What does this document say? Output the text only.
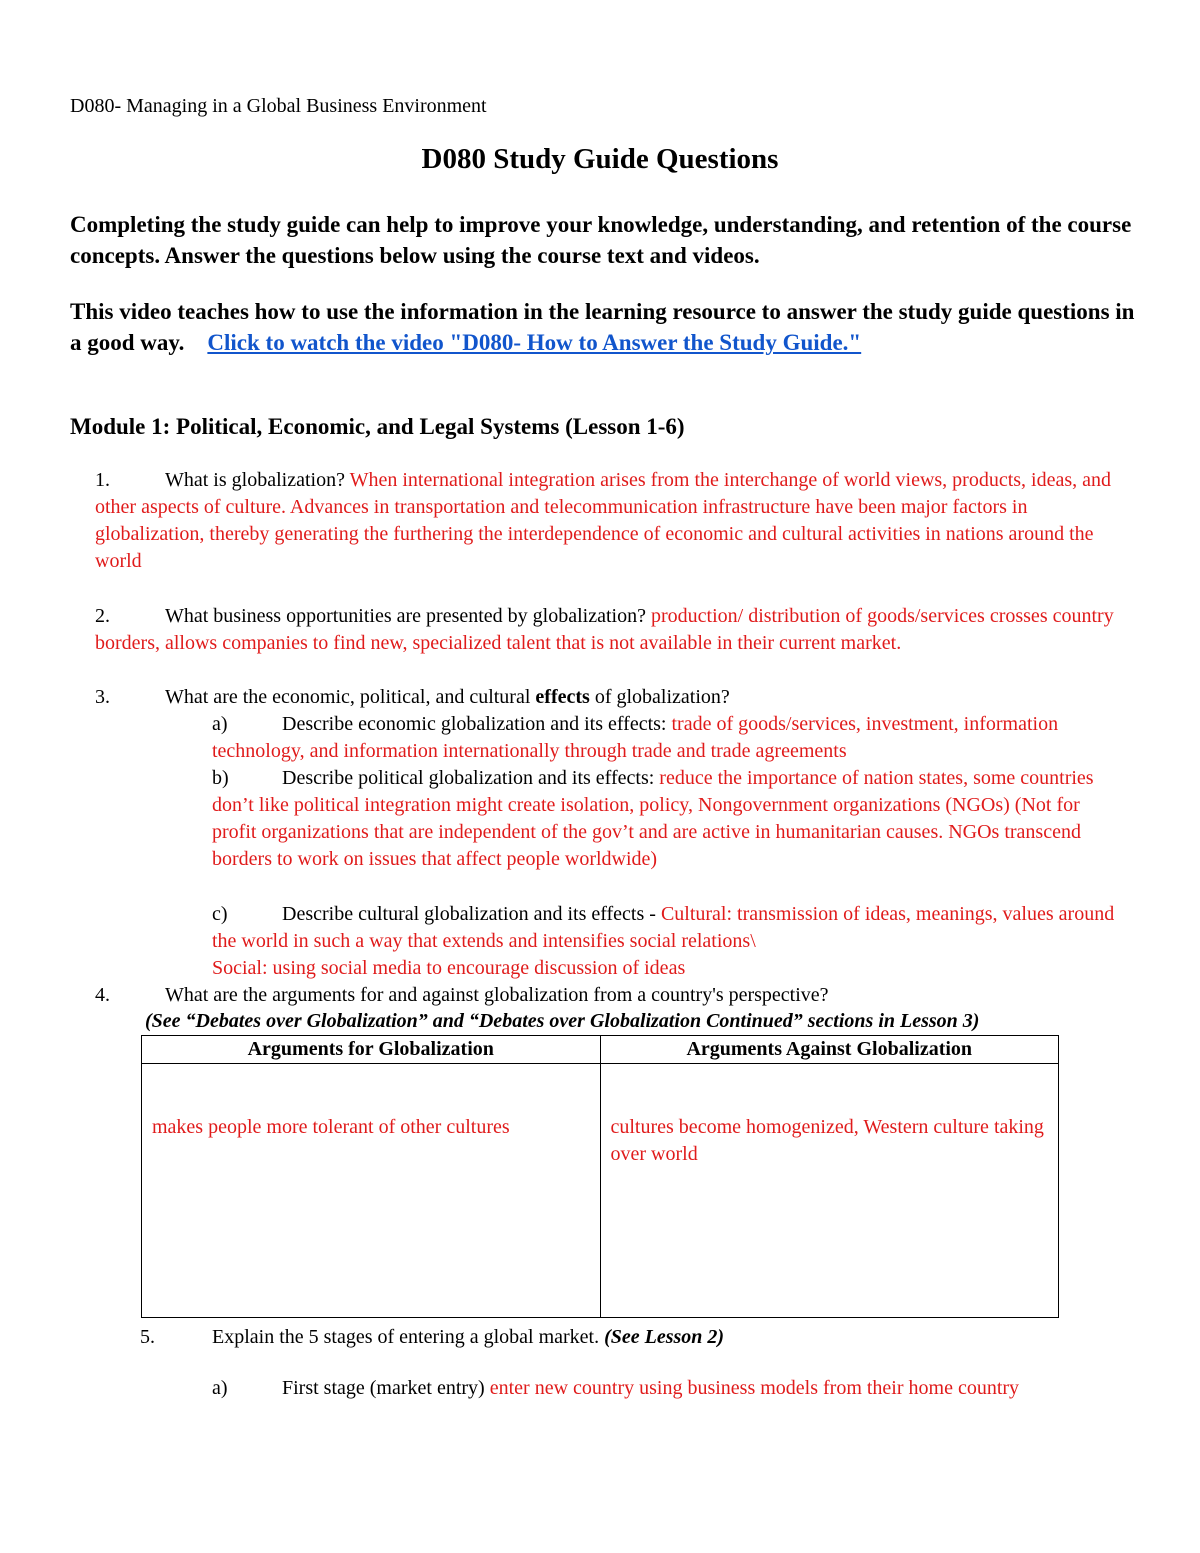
D080- Managing in a Global Business Environment
D080 Study Guide Questions

Completing the study guide can help to improve your knowledge, understanding, and retention of the course concepts. Answer the questions below using the course text and videos.

This video teaches how to use the information in the learning resource to answer the study guide questions in a good way. Click to watch the video "D080- How to Answer the Study Guide."

Module 1: Political, Economic, and Legal Systems (Lesson 1-6)
1.	What is globalization? When international integration arises from the interchange of world views, products, ideas, and other aspects of culture. Advances in transportation and telecommunication infrastructure have been major factors in globalization, thereby generating the furthering the interdependence of economic and cultural activities in nations around the world
2.	What business opportunities are presented by globalization? production/ distribution of goods/services crosses country borders, allows companies to find new, specialized talent that is not available in their current market.
3.	What are the economic, political, and cultural effects of globalization?
a)	Describe economic globalization and its effects: trade of goods/services, investment, information technology, and information internationally through trade and trade agreements
b)	Describe political globalization and its effects: reduce the importance of nation states, some countries don’t like political integration might create isolation, policy, Nongovernment organizations (NGOs) (Not for profit organizations that are independent of the gov’t and are active in humanitarian causes. NGOs transcend borders to work on issues that affect people worldwide)
c)	Describe cultural globalization and its effects - Cultural: transmission of ideas, meanings, values around the world in such a way that extends and intensifies social relations\
Social: using social media to encourage discussion of ideas
4.	What are the arguments for and against globalization from a country's perspective?
(See “Debates over Globalization” and “Debates over Globalization Continued” sections in Lesson 3)
Arguments for Globalization	Arguments Against Globalization
makes people more tolerant of other cultures	cultures become homogenized, Western culture taking over world
5.	Explain the 5 stages of entering a global market. (See Lesson 2)
a)	First stage (market entry) enter new country using business models from their home country
